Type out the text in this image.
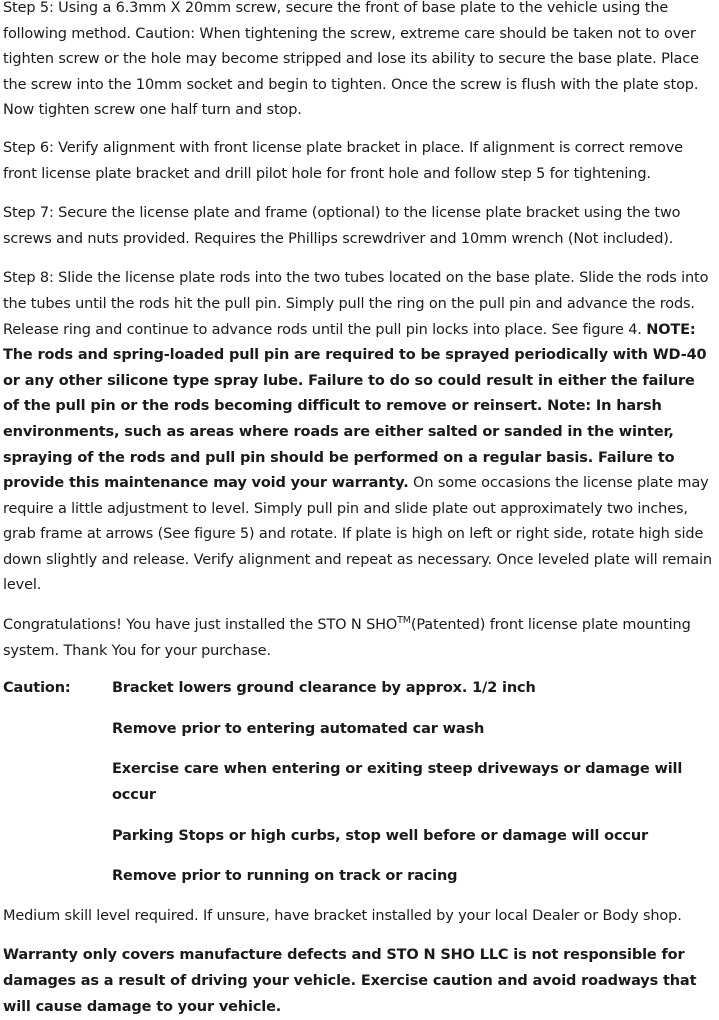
Step 5: Using a 6.3mm X 20mm screw, secure the front of base plate to the vehicle using the following method. Caution: When tightening the screw, extreme care should be taken not to over tighten screw or the hole may become stripped and lose its ability to secure the base plate. Place the screw into the 10mm socket and begin to tighten. Once the screw is flush with the plate stop. Now tighten screw one half turn and stop.

Step 6: Verify alignment with front license plate bracket in place. If alignment is correct remove front license plate bracket and drill pilot hole for front hole and follow step 5 for tightening.

Step 7: Secure the license plate and frame (optional) to the license plate bracket using the two screws and nuts provided. Requires the Phillips screwdriver and 10mm wrench (Not included).

Step 8: Slide the license plate rods into the two tubes located on the base plate. Slide the rods into the tubes until the rods hit the pull pin. Simply pull the ring on the pull pin and advance the rods. Release ring and continue to advance rods until the pull pin locks into place. See figure 4. NOTE: The rods and spring-loaded pull pin are required to be sprayed periodically with WD-40 or any other silicone type spray lube. Failure to do so could result in either the failure of the pull pin or the rods becoming difficult to remove or reinsert. Note: In harsh environments, such as areas where roads are either salted or sanded in the winter, spraying of the rods and pull pin should be performed on a regular basis. Failure to provide this maintenance may void your warranty. On some occasions the license plate may require a little adjustment to level. Simply pull pin and slide plate out approximately two inches, grab frame at arrows (See figure 5) and rotate. If plate is high on left or right side, rotate high side down slightly and release. Verify alignment and repeat as necessary. Once leveled plate will remain level.

Congratulations! You have just installed the STO N SHO™(Patented) front license plate mounting system. Thank You for your purchase.

Caution:	Bracket lowers ground clearance by approx. 1/2 inch
Remove prior to entering automated car wash
Exercise care when entering or exiting steep driveways or damage will occur
Parking Stops or high curbs, stop well before or damage will occur
Remove prior to running on track or racing

Medium skill level required. If unsure, have bracket installed by your local Dealer or Body shop.

Warranty only covers manufacture defects and STO N SHO LLC is not responsible for damages as a result of driving your vehicle. Exercise caution and avoid roadways that will cause damage to your vehicle.
